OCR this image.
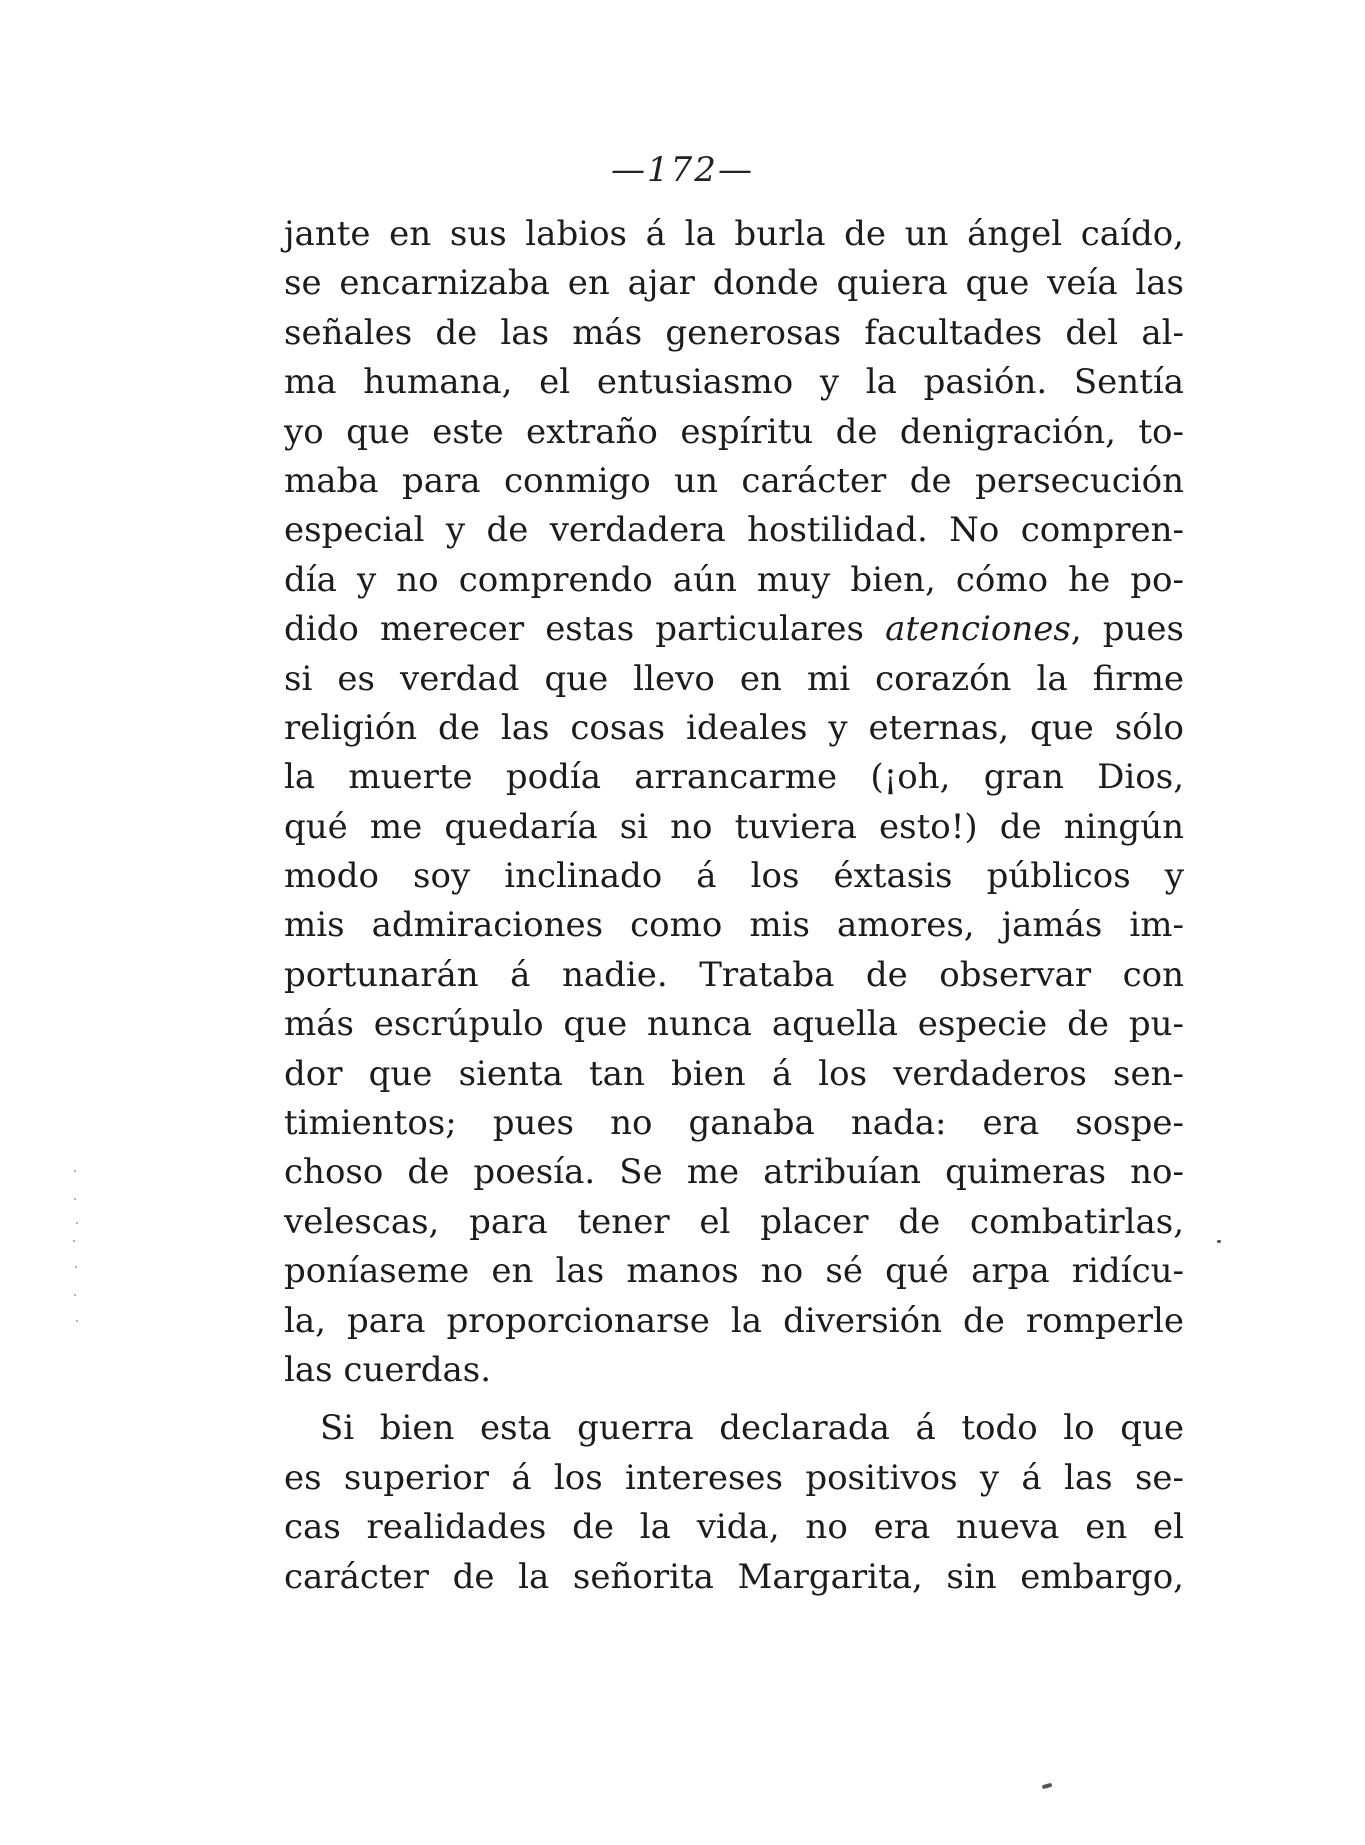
—172—
jante en sus labios á la burla de un ángel caído,
se encarnizaba en ajar donde quiera que veía las
señales de las más generosas facultades del al-
ma humana, el entusiasmo y la pasión. Sentía
yo que este extraño espíritu de denigración, to-
maba para conmigo un carácter de persecución
especial y de verdadera hostilidad. No compren-
día y no comprendo aún muy bien, cómo he po-
dido merecer estas particulares atenciones, pues
si es verdad que llevo en mi corazón la firme
religión de las cosas ideales y eternas, que sólo
la muerte podía arrancarme (¡oh, gran Dios,
qué me quedaría si no tuviera esto!) de ningún
modo soy inclinado á los éxtasis públicos y
mis admiraciones como mis amores, jamás im-
portunarán á nadie. Trataba de observar con
más escrúpulo que nunca aquella especie de pu-
dor que sienta tan bien á los verdaderos sen-
timientos; pues no ganaba nada: era sospe-
choso de poesía. Se me atribuían quimeras no-
velescas, para tener el placer de combatirlas,
poníaseme en las manos no sé qué arpa ridícu-
la, para proporcionarse la diversión de romperle
las cuerdas.
Si bien esta guerra declarada á todo lo que
es superior á los intereses positivos y á las se-
cas realidades de la vida, no era nueva en el
carácter de la señorita Margarita, sin embargo,
